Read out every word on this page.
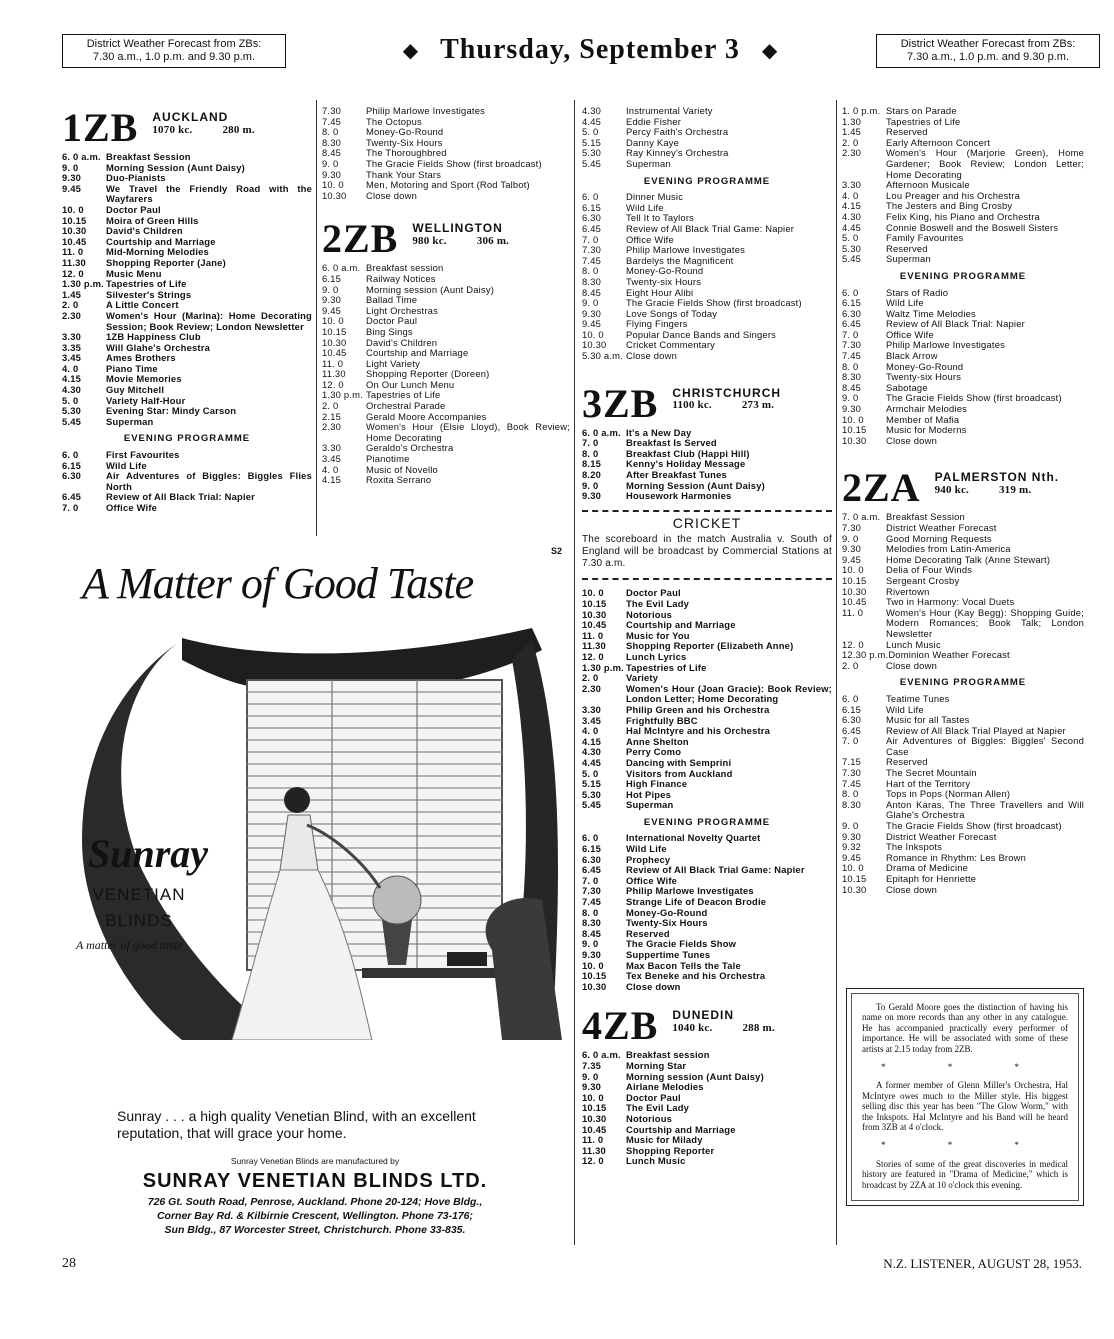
District Weather Forecast from ZBs:
7.30 a.m., 1.0 p.m. and 9.30 p.m.
District Weather Forecast from ZBs:
7.30 a.m., 1.0 p.m. and 9.30 p.m.
◆ Thursday, September 3 ◆
1ZB AUCKLAND
1070 kc.	280 m.
6. 0 a.m. Breakfast Session
9. 0	Morning Session (Aunt Daisy)
9.30	Duo-Pianists
9.45	We Travel the Friendly Road with the Wayfarers
10. 0	Doctor Paul
10.15	Moira of Green Hills
10.30	David's Children
10.45	Courtship and Marriage
11. 0	Mid-Morning Melodies
11.30	Shopping Reporter (Jane)
12. 0	Music Menu
1.30 p.m. Tapestries of Life
1.45	Silvester's Strings
2. 0	A Little Concert
2.30	Women's Hour (Marina): Home Decorating Session; Book Review; London Newsletter
3.30	1ZB Happiness Club
3.35	Will Glahe's Orchestra
3.45	Ames Brothers
4. 0	Piano Time
4.15	Movie Memories
4.30	Guy Mitchell
5. 0	Variety Half-Hour
5.30	Evening Star: Mindy Carson
5.45	Superman
EVENING PROGRAMME
6. 0	First Favourites
6.15	Wild Life
6.30	Air Adventures of Biggles: Biggles Flies North
6.45	Review of All Black Trial: Napier
7. 0	Office Wife
7.30	Philip Marlowe Investigates
7.45	The Octopus
8. 0	Money-Go-Round
8.30	Twenty-Six Hours
8.45	The Thoroughbred
9. 0	The Gracie Fields Show (first broadcast)
9.30	Thank Your Stars
10. 0	Men, Motoring and Sport (Rod Talbot)
10.30	Close down
2ZB WELLINGTON
980 kc.	306 m.
6. 0 a.m. Breakfast session
6.15	Railway Notices
9. 0	Morning session (Aunt Daisy)
9.30	Ballad Time
9.45	Light Orchestras
10. 0	Doctor Paul
10.15	Bing Sings
10.30	David's Children
10.45	Courtship and Marriage
11. 0	Light Variety
11.30	Shopping Reporter (Doreen)
12. 0	On Our Lunch Menu
1.30 p.m. Tapestries of Life
2. 0	Orchestral Parade
2.15	Gerald Moore Accompanies
2.30	Women's Hour (Elsie Lloyd), Book Review; Home Decorating
3.30	Geraldo's Orchestra
3.45	Pianotime
4. 0	Music of Novello
4.15	Roxita Serrano
4.30	Instrumental Variety
4.45	Eddie Fisher
5. 0	Percy Faith's Orchestra
5.15	Danny Kaye
5.30	Ray Kinney's Orchestra
5.45	Superman
EVENING PROGRAMME
6. 0	Dinner Music
6.15	Wild Life
6.30	Tell It to Taylors
6.45	Review of All Black Trial Game: Napier
7. 0	Office Wife
7.30	Philip Marlowe Investigates
7.45	Bardelys the Magnificent
8. 0	Money-Go-Round
8.30	Twenty-six Hours
8.45	Eight Hour Alibi
9. 0	The Gracie Fields Show (first broadcast)
9.30	Love Songs of Today
9.45	Flying Fingers
10. 0	Popular Dance Bands and Singers
10.30	Cricket Commentary
5.30 a.m. Close down
3ZB CHRISTCHURCH
1100 kc.	273 m.
6. 0 a.m. It's a New Day
7. 0	Breakfast Is Served
8. 0	Breakfast Club (Happi Hill)
8.15	Kenny's Holiday Message
8.20	After Breakfast Tunes
9. 0	Morning Session (Aunt Daisy)
9.30	Housework Harmonies
CRICKET
The scoreboard in the match Australia v. South of England will be broadcast by Commercial Stations at 7.30 a.m.
10. 0	Doctor Paul
10.15	The Evil Lady
10.30	Notorious
10.45	Courtship and Marriage
11. 0	Music for You
11.30	Shopping Reporter (Elizabeth Anne)
12. 0	Lunch Lyrics
1.30 p.m. Tapestries of Life
2. 0	Variety
2.30	Women's Hour (Joan Gracie): Book Review; London Letter; Home Decorating
3.30	Philip Green and his Orchestra
3.45	Frightfully BBC
4. 0	Hal McIntyre and his Orchestra
4.15	Anne Shelton
4.30	Perry Como
4.45	Dancing with Semprini
5. 0	Visitors from Auckland
5.15	High Finance
5.30	Hot Pipes
5.45	Superman
EVENING PROGRAMME
6. 0	International Novelty Quartet
6.15	Wild Life
6.30	Prophecy
6.45	Review of All Black Trial Game: Napier
7. 0	Office Wife
7.30	Philip Marlowe Investigates
7.45	Strange Life of Deacon Brodie
8. 0	Money-Go-Round
8.30	Twenty-Six Hours
8.45	Reserved
9. 0	The Gracie Fields Show
9.30	Suppertime Tunes
10. 0	Max Bacon Tells the Tale
10.15	Tex Beneke and his Orchestra
10.30	Close down
4ZB DUNEDIN
1040 kc.	288 m.
6. 0 a.m. Breakfast session
7.35	Morning Star
9. 0	Morning session (Aunt Daisy)
9.30	Airlane Melodies
10. 0	Doctor Paul
10.15	The Evil Lady
10.30	Notorious
10.45	Courtship and Marriage
11. 0	Music for Milady
11.30	Shopping Reporter
12. 0	Lunch Music
1. 0 p.m. Stars on Parade
1.30	Tapestries of Life
1.45	Reserved
2. 0	Early Afternoon Concert
2.30	Women's Hour (Marjorie Green), Home Gardener; Book Review; London Letter; Home Decorating
3.30	Afternoon Musicale
4. 0	Lou Preager and his Orchestra
4.15	The Jesters and Bing Crosby
4.30	Felix King, his Piano and Orchestra
4.45	Connie Boswell and the Boswell Sisters
5. 0	Family Favourites
5.30	Reserved
5.45	Superman
EVENING PROGRAMME
6. 0	Stars of Radio
6.15	Wild Life
6.30	Waltz Time Melodies
6.45	Review of All Black Trial: Napier
7. 0	Office Wife
7.30	Philip Marlowe Investigates
7.45	Black Arrow
8. 0	Money-Go-Round
8.30	Twenty-six Hours
8.45	Sabotage
9. 0	The Gracie Fields Show (first broadcast)
9.30	Armchair Melodies
10. 0	Member of Mafia
10.15	Music for Moderns
10.30	Close down
2ZA PALMERSTON Nth.
940 kc.	319 m.
7. 0 a.m. Breakfast Session
7.30	District Weather Forecast
9. 0	Good Morning Requests
9.30	Melodies from Latin-America
9.45	Home Decorating Talk (Anne Stewart)
10. 0	Delia of Four Winds
10.15	Sergeant Crosby
10.30	Rivertown
10.45	Two in Harmony: Vocal Duets
11. 0	Women's Hour (Kay Begg): Shopping Guide; Modern Romances; Book Talk; London Newsletter
12. 0	Lunch Music
12.30 p.m. Dominion Weather Forecast
2. 0	Close down
EVENING PROGRAMME
6. 0	Teatime Tunes
6.15	Wild Life
6.30	Music for all Tastes
6.45	Review of All Black Trial Played at Napier
7. 0	Air Adventures of Biggles: Biggles' Second Case
7.15	Reserved
7.30	The Secret Mountain
7.45	Hart of the Territory
8. 0	Tops in Pops (Norman Allen)
8.30	Anton Karas, The Three Travellers and Will Glahe's Orchestra
9. 0	The Gracie Fields Show (first broadcast)
9.30	District Weather Forecast
9.32	The Inkspots
9.45	Romance in Rhythm: Les Brown
10. 0	Drama of Medicine
10.15	Epitaph for Henriette
10.30	Close down

To Gerald Moore goes the distinction of having his name on more records than any other in any catalogue. He has accompanied practically every performer of importance. He will be associated with some of these artists at 2.15 today from 2ZB.

* * *

A former member of Glenn Miller's Orchestra, Hal McIntyre owes much to the Miller style. His biggest selling disc this year has been "The Glow Worm," with the Inkspots. Hal McIntyre and his Band will be heard from 3ZB at 4 o'clock.

* * *

Stories of some of the great discoveries in medical history are featured in "Drama of Medicine," which is broadcast by 2ZA at 10 o'clock this evening.

S2
A Matter of Good Taste
Sunray
VENETIAN
BLINDS
A matter of good taste
Sunray . . . a high quality Venetian Blind, with an excellent reputation, that will grace your home.
Sunray Venetian Blinds are manufactured by
SUNRAY VENETIAN BLINDS LTD.
726 Gt. South Road, Penrose, Auckland. Phone 20-124; Hove Bldg.,
Corner Bay Rd. & Kilbirnie Crescent, Wellington. Phone 73-176;
Sun Bldg., 87 Worcester Street, Christchurch. Phone 33-835.
28	N.Z. LISTENER, AUGUST 28, 1953.
